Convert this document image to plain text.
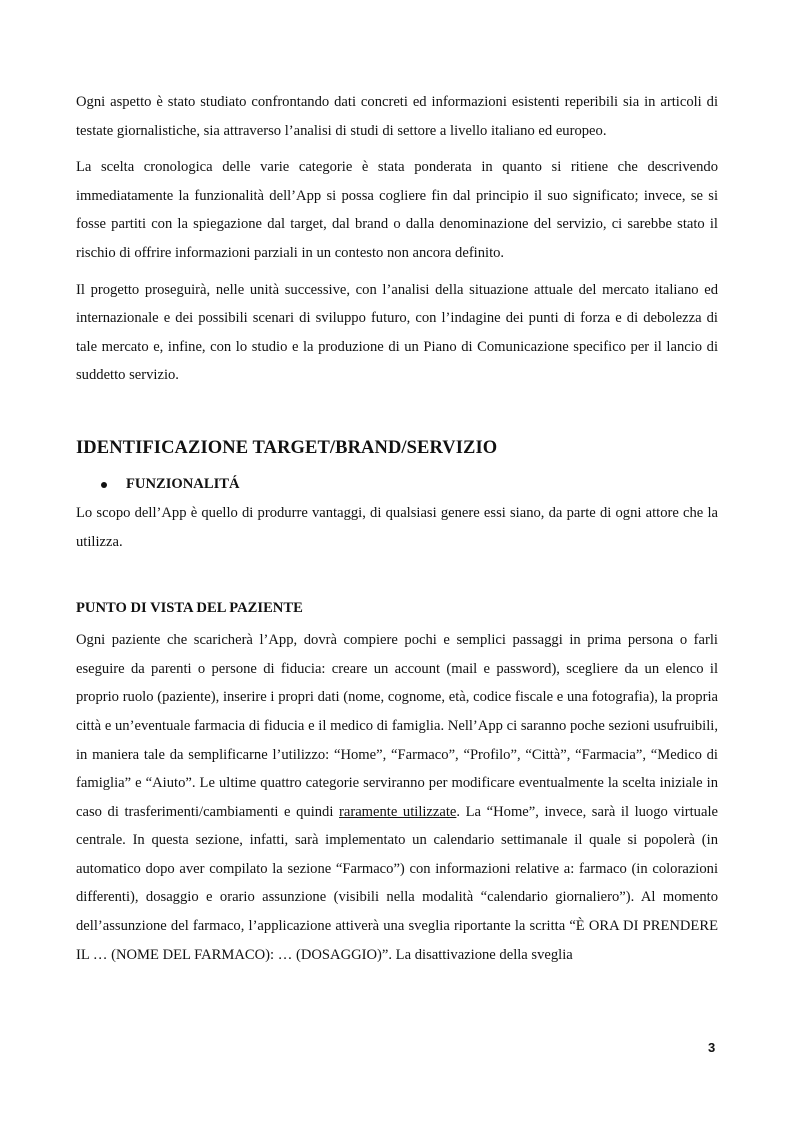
Ogni aspetto è stato studiato confrontando dati concreti ed informazioni esistenti reperibili sia in articoli di testate giornalistiche, sia attraverso l’analisi di studi di settore a livello italiano ed europeo.

La scelta cronologica delle varie categorie è stata ponderata in quanto si ritiene che descrivendo immediatamente la funzionalità dell’App si possa cogliere fin dal principio il suo significato; invece, se si fosse partiti con la spiegazione dal target, dal brand o dalla denominazione del servizio, ci sarebbe stato il rischio di offrire informazioni parziali in un contesto non ancora definito.

Il progetto proseguirà, nelle unità successive, con l’analisi della situazione attuale del mercato italiano ed internazionale e dei possibili scenari di sviluppo futuro, con l’indagine dei punti di forza e di debolezza di tale mercato e, infine, con lo studio e la produzione di un Piano di Comunicazione specifico per il lancio di suddetto servizio.

IDENTIFICAZIONE TARGET/BRAND/SERVIZIO
FUNZIONALITÁ

Lo scopo dell’App è quello di produrre vantaggi, di qualsiasi genere essi siano, da parte di ogni attore che la utilizza.

PUNTO DI VISTA DEL PAZIENTE

Ogni paziente che scaricherà l’App, dovrà compiere pochi e semplici passaggi in prima persona o farli eseguire da parenti o persone di fiducia: creare un account (mail e password), scegliere da un elenco il proprio ruolo (paziente), inserire i propri dati (nome, cognome, età, codice fiscale e una fotografia), la propria città e un’eventuale farmacia di fiducia e il medico di famiglia. Nell’App ci saranno poche sezioni usufruibili, in maniera tale da semplificarne l’utilizzo: “Home”, “Farmaco”, “Profilo”, “Città”, “Farmacia”, “Medico di famiglia” e “Aiuto”. Le ultime quattro categorie serviranno per modificare eventualmente la scelta iniziale in caso di trasferimenti/cambiamenti e quindi raramente utilizzate. La “Home”, invece, sarà il luogo virtuale centrale. In questa sezione, infatti, sarà implementato un calendario settimanale il quale si popolerà (in automatico dopo aver compilato la sezione “Farmaco”) con informazioni relative a: farmaco (in colorazioni differenti), dosaggio e orario assunzione (visibili nella modalità “calendario giornaliero”). Al momento dell’assunzione del farmaco, l’applicazione attiverà una sveglia riportante la scritta “È ORA DI PRENDERE IL … (NOME DEL FARMACO): … (DOSAGGIO)”. La disattivazione della sveglia

3
